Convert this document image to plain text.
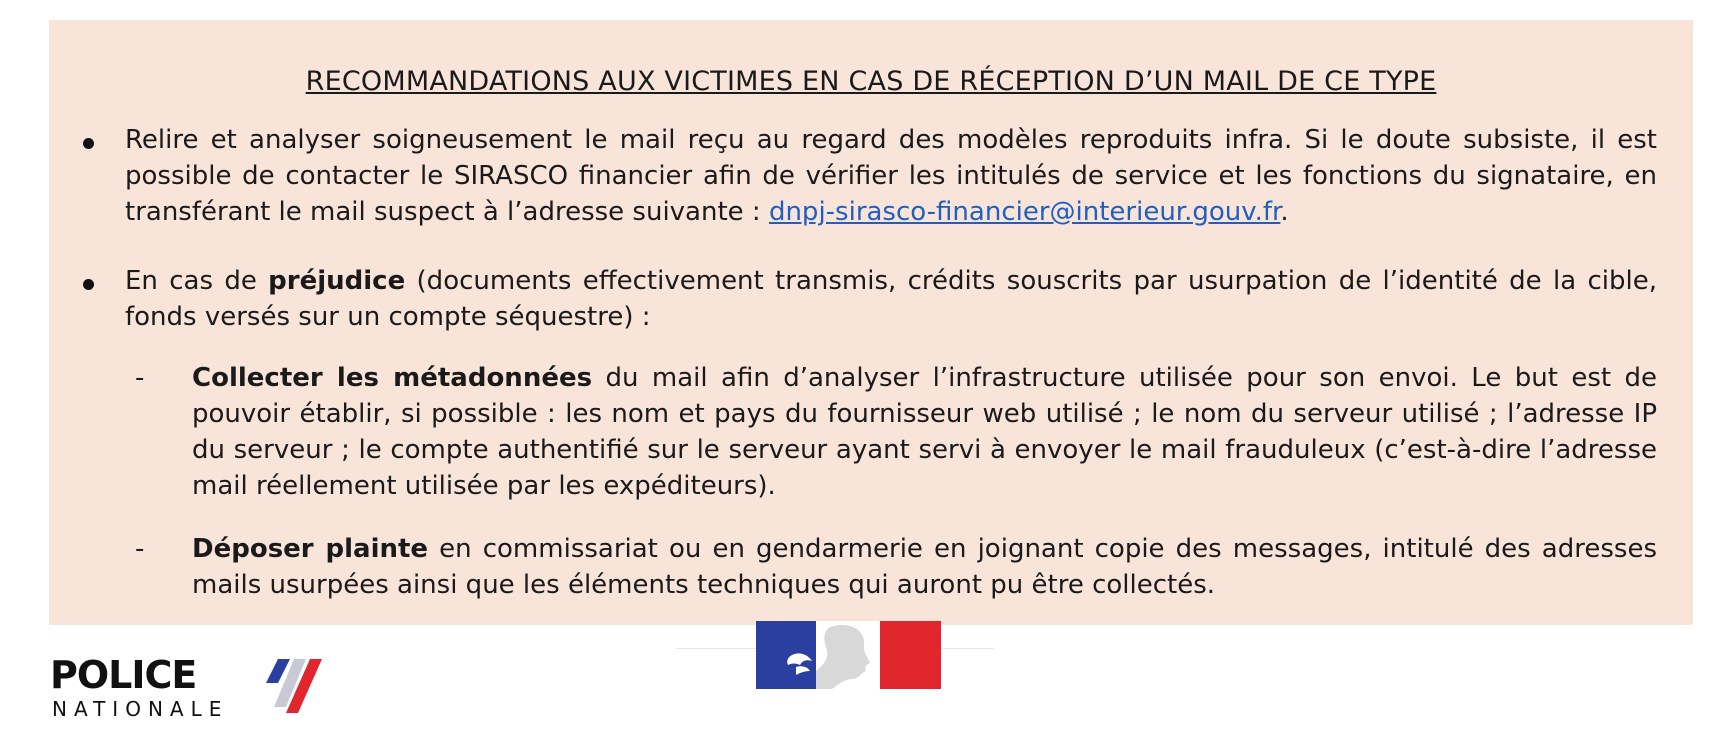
RECOMMANDATIONS AUX VICTIMES EN CAS DE RÉCEPTION D’UN MAIL DE CE TYPE
Relire et analyser soigneusement le mail reçu au regard des modèles reproduits infra. Si le doute subsiste, il est possible de contacter le SIRASCO financier afin de vérifier les intitulés de service et les fonctions du signataire, en transférant le mail suspect à l’adresse suivante : dnpj-sirasco-financier@interieur.gouv.fr.
En cas de préjudice (documents effectivement transmis, crédits souscrits par usurpation de l’identité de la cible, fonds versés sur un compte séquestre) :
- Collecter les métadonnées du mail afin d’analyser l’infrastructure utilisée pour son envoi. Le but est de pouvoir établir, si possible : les nom et pays du fournisseur web utilisé ; le nom du serveur utilisé ; l’adresse IP du serveur ; le compte authentifié sur le serveur ayant servi à envoyer le mail frauduleux (c’est-à-dire l’adresse mail réellement utilisée par les expéditeurs).
- Déposer plainte en commissariat ou en gendarmerie en joignant copie des messages, intitulé des adresses mails usurpées ainsi que les éléments techniques qui auront pu être collectés.
POLICE
NATIONALE
